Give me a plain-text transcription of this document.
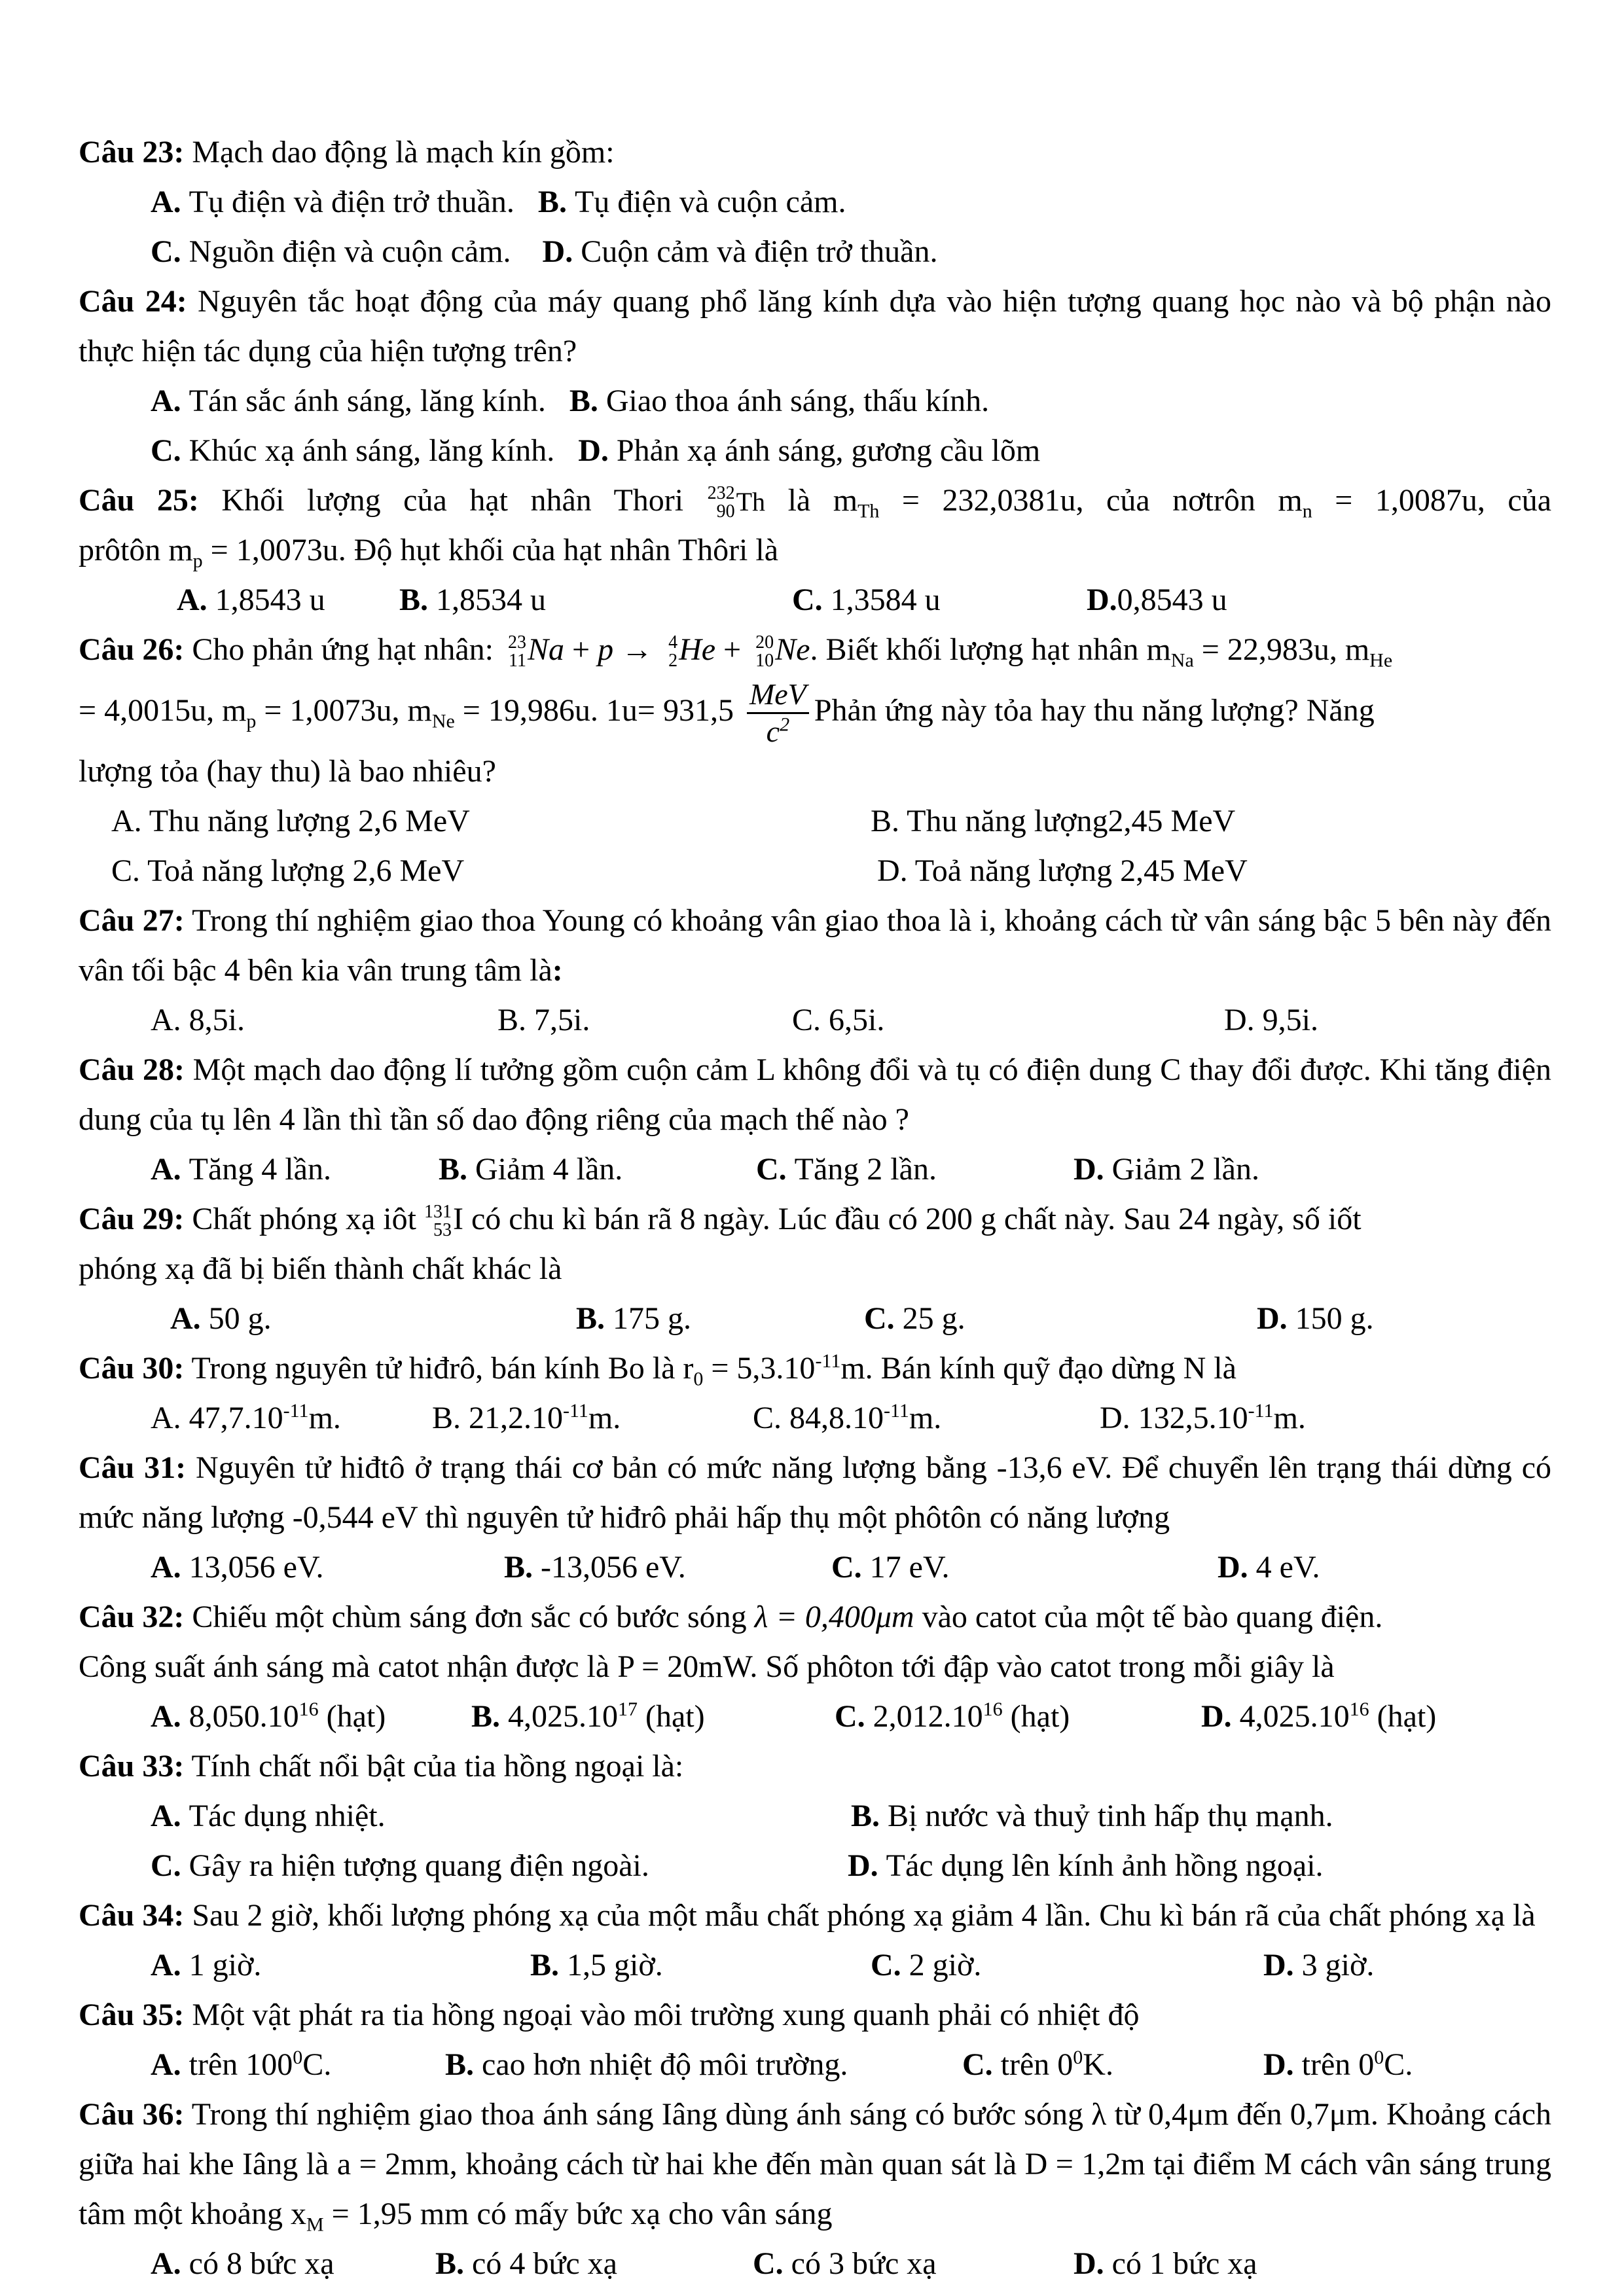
Câu 23: Mạch dao động là mạch kín gồm:
A. Tụ điện và điện trở thuần. B. Tụ điện và cuộn cảm.
C. Nguồn điện và cuộn cảm. D. Cuộn cảm và điện trở thuần.
Câu 24: Nguyên tắc hoạt động của máy quang phổ lăng kính dựa vào hiện tượng quang học nào và bộ phận nào thực hiện tác dụng của hiện tượng trên?
A. Tán sắc ánh sáng, lăng kính. B. Giao thoa ánh sáng, thấu kính.
C. Khúc xạ ánh sáng, lăng kính. D. Phản xạ ánh sáng, gương cầu lõm
Câu 25: Khối lượng của hạt nhân Thori 232
90 Th là $m_{Th} = 232,0381u$, của nơtrôn $m_n = 1,0087u$, của
prôtôn $m_p = 1,0073u$. Độ hụt khối của hạt nhân Thôri là
A. 1,8543 u B. 1,8534 u	C. 1,3584 u	D.0,8543 u
Câu 26: Cho phản ứng hạt nhân: 23
11 Na + p → 4
2 He + 20
10 Ne. Biết khối lượng hạt nhân $m_{Na} = 22,983u$, $m_{He}$
= 4,0015u, $m_p = 1,0073u$, $m_{Ne} = 19,986u$. $1u= 931,5 \frac{\text{MeV}}{c^2}$ Phản ứng này tỏa hay thu năng lượng? Năng
lượng tỏa (hay thu) là bao nhiêu?
A. Thu năng lượng 2,6 MeV	B. Thu năng lượng2,45 MeV
C. Toả năng lượng 2,6 MeV	D. Toả năng lượng 2,45 MeV
Câu 27: Trong thí nghiệm giao thoa Young có khoảng vân giao thoa là i, khoảng cách từ vân sáng bậc 5 bên này đến vân tối bậc 4 bên kia vân trung tâm là:
A. 8,5i.	B. 7,5i.	C. 6,5i.	D. 9,5i.
Câu 28: Một mạch dao động lí tưởng gồm cuộn cảm L không đổi và tụ có điện dung C thay đổi được. Khi tăng điện dung của tụ lên 4 lần thì tần số dao động riêng của mạch thế nào ?
A. Tăng 4 lần.	B. Giảm 4 lần.	C. Tăng 2 lần.	D. Giảm 2 lần.
Câu 29: Chất phóng xạ iôt 131
53 I có chu kì bán rã 8 ngày. Lúc đầu có 200 g chất này. Sau 24 ngày, số iốt
phóng xạ đã bị biến thành chất khác là
A. 50 g.	B. 175 g.	C. 25 g.	D. 150 g.
Câu 30: Trong nguyên tử hiđrô, bán kính Bo là $r_0 = 5,3.10^{-11}m$. Bán kính quỹ đạo dừng N là
A. $47,7.10^{-11}m$.	B. $21,2.10^{-11}m$.	C. $84,8.10^{-11}m$.	D. $132,5.10^{-11}m$.
Câu 31: Nguyên tử hiđtô ở trạng thái cơ bản có mức năng lượng bằng -13,6 eV. Để chuyển lên trạng thái dừng có mức năng lượng -0,544 eV thì nguyên tử hiđrô phải hấp thụ một phôtôn có năng lượng
A. 13,056 eV.	B. -13,056 eV.	C. 17 eV.	D. 4 eV.
Câu 32: Chiếu một chùm sáng đơn sắc có bước sóng λ = 0,400μm vào catot của một tế bào quang điện.
Công suất ánh sáng mà catot nhận được là P = 20mW. Số phôton tới đập vào catot trong mỗi giây là
A. 8,050.10$^{16}$ (hạt)	B. 4,025.10$^{17}$ (hạt)	C. 2,012.10$^{16}$ (hạt)	D. 4,025.10$^{16}$ (hạt)
Câu 33: Tính chất nổi bật của tia hồng ngoại là:
A. Tác dụng nhiệt.	B. Bị nước và thuỷ tinh hấp thụ mạnh.
C. Gây ra hiện tượng quang điện ngoài.	D. Tác dụng lên kính ảnh hồng ngoại.
Câu 34: Sau 2 giờ, khối lượng phóng xạ của một mẫu chất phóng xạ giảm 4 lần. Chu kì bán rã của chất phóng xạ là
A. 1 giờ.	B. 1,5 giờ.	C. 2 giờ.	D. 3 giờ.
Câu 35: Một vật phát ra tia hồng ngoại vào môi trường xung quanh phải có nhiệt độ
A. trên $100^0C$.	B. cao hơn nhiệt độ môi trường.	C. trên $0^0K$.	D. trên $0^0C$.
Câu 36: Trong thí nghiệm giao thoa ánh sáng Iâng dùng ánh sáng có bước sóng λ từ 0,4μm đến 0,7μm. Khoảng cách giữa hai khe Iâng là a = 2mm, khoảng cách từ hai khe đến màn quan sát là D = 1,2m tại điểm M cách vân sáng trung tâm một khoảng $x_M = 1,95$ mm có mấy bức xạ cho vân sáng
A. có 8 bức xạ	B. có 4 bức xạ	C. có 3 bức xạ	D. có 1 bức xạ
